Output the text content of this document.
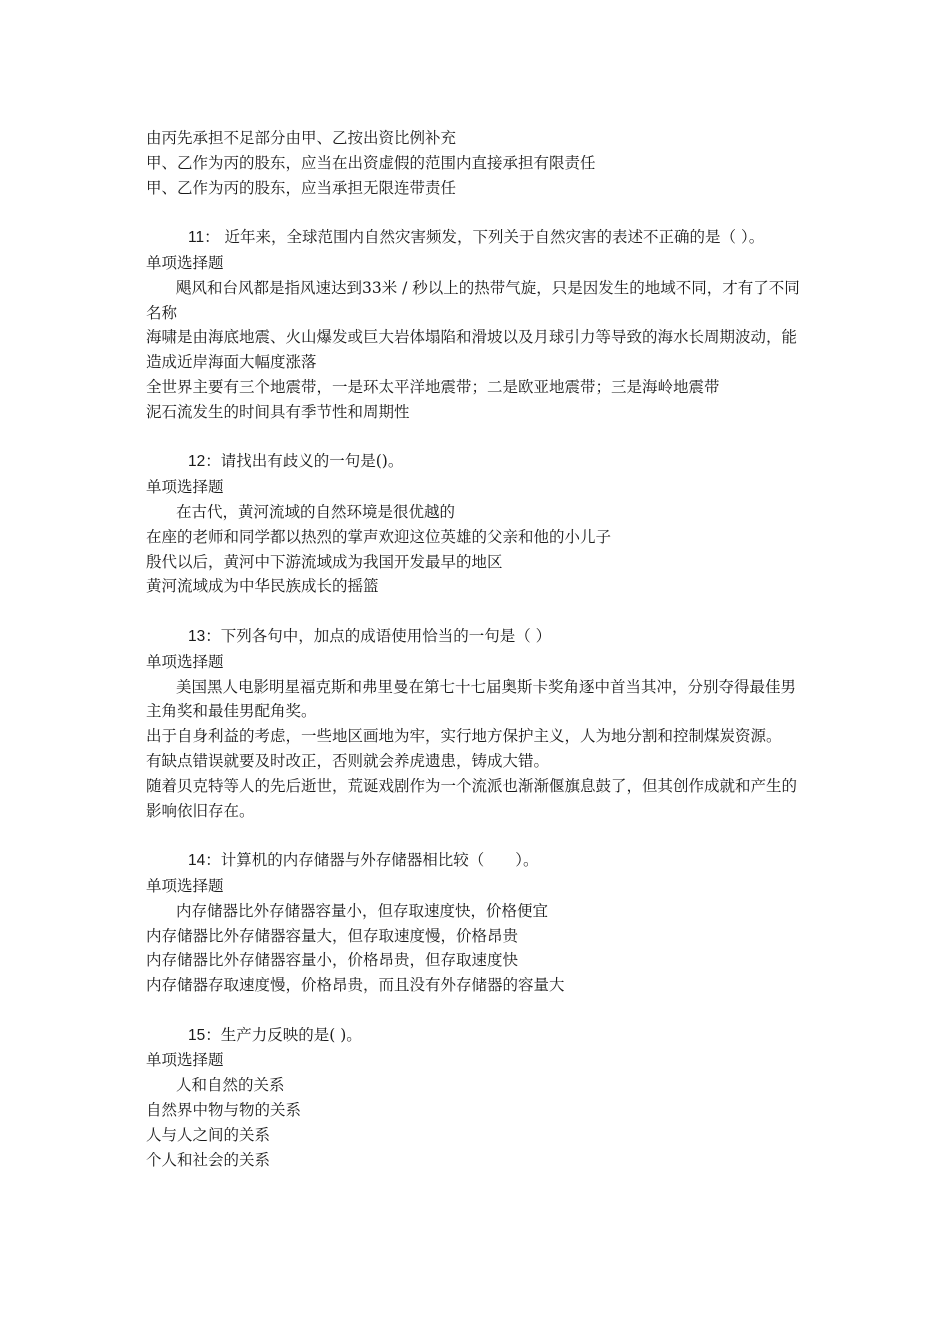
由丙先承担不足部分由甲、乙按出资比例补充
甲、乙作为丙的股东，应当在出资虚假的范围内直接承担有限责任
甲、乙作为丙的股东，应当承担无限连带责任
11： 近年来，全球范围内自然灾害频发，下列关于自然灾害的表述不正确的是（ ）。
单项选择题
飓风和台风都是指风速达到33米 / 秒以上的热带气旋，只是因发生的地域不同，才有了不同名称
海啸是由海底地震、火山爆发或巨大岩体塌陷和滑坡以及月球引力等导致的海水长周期波动，能造成近岸海面大幅度涨落
全世界主要有三个地震带，一是环太平洋地震带；二是欧亚地震带；三是海岭地震带
泥石流发生的时间具有季节性和周期性
12：请找出有歧义的一句是()。
单项选择题
在古代，黄河流域的自然环境是很优越的
在座的老师和同学都以热烈的掌声欢迎这位英雄的父亲和他的小儿子
殷代以后，黄河中下游流域成为我国开发最早的地区
黄河流域成为中华民族成长的摇篮
13：下列各句中，加点的成语使用恰当的一句是（ ）
单项选择题
美国黑人电影明星福克斯和弗里曼在第七十七届奥斯卡奖角逐中首当其冲，分别夺得最佳男主角奖和最佳男配角奖。
出于自身利益的考虑，一些地区画地为牢，实行地方保护主义，人为地分割和控制煤炭资源。
有缺点错误就要及时改正，否则就会养虎遗患，铸成大错。
随着贝克特等人的先后逝世，荒诞戏剧作为一个流派也渐渐偃旗息鼓了，但其创作成就和产生的影响依旧存在。
14：计算机的内存储器与外存储器相比较（　　）。
单项选择题
内存储器比外存储器容量小，但存取速度快，价格便宜
内存储器比外存储器容量大，但存取速度慢，价格昂贵
内存储器比外存储器容量小，价格昂贵，但存取速度快
内存储器存取速度慢，价格昂贵，而且没有外存储器的容量大
15：生产力反映的是( )。
单项选择题
人和自然的关系
自然界中物与物的关系
人与人之间的关系
个人和社会的关系
